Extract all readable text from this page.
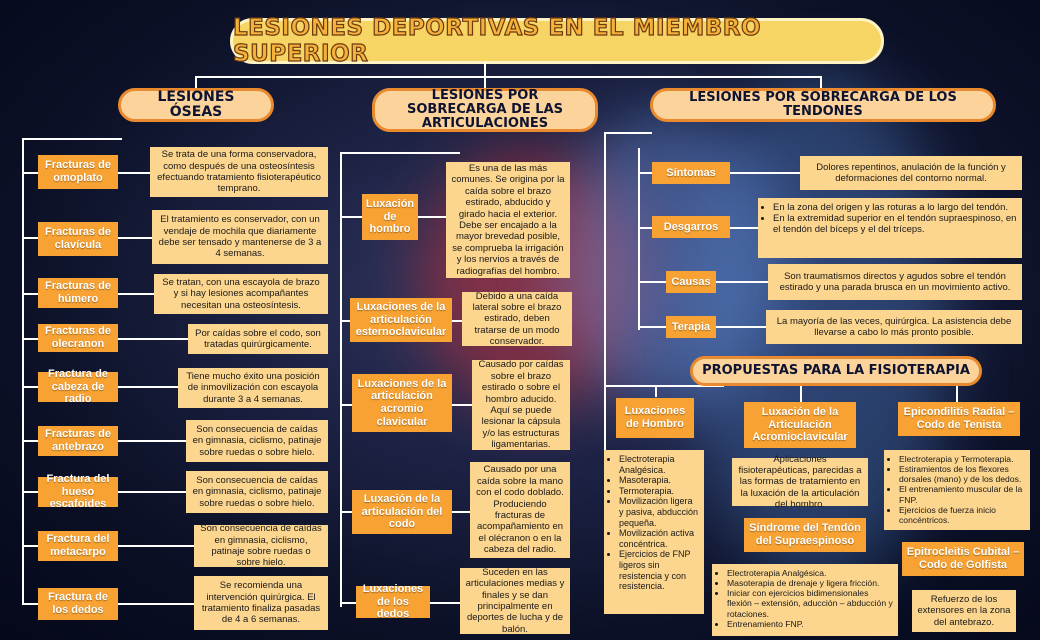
LESIONES DEPORTIVAS EN EL MIEMBRO SUPERIOR
LESIONES ÓSEAS
LESIONES POR SOBRECARGA DE LAS ARTICULACIONES
LESIONES POR SOBRECARGA DE LOS TENDONES
PROPUESTAS PARA LA FISIOTERAPIA
Fracturas de omoplato
Se trata de una forma conservadora, como después de una osteosíntesis efectuando tratamiento fisioterapéutico temprano.
Fracturas de clavícula
El tratamiento es conservador, con un vendaje de mochila que diariamente debe ser tensado y mantenerse de 3 a 4 semanas.
Fracturas de húmero
Se tratan, con una escayola de brazo y si hay lesiones acompañantes necesitan una osteosíntesis.
Fracturas de olecranon
Por caídas sobre el codo, son tratadas quirúrgicamente.
Fractura de cabeza de radio
Tiene mucho éxito una posición de inmovilización con escayola durante 3 a 4 semanas.
Fracturas de antebrazo
Son consecuencia de caídas en gimnasia, ciclismo, patinaje sobre ruedas o sobre hielo.
Fractura del hueso escafoides
Son consecuencia de caídas en gimnasia, ciclismo, patinaje sobre ruedas o sobre hielo.
Fractura del metacarpo
Son consecuencia de caídas en gimnasia, ciclismo, patinaje sobre ruedas o sobre hielo.
Fractura de los dedos
Se recomienda una intervención quirúrgica. El tratamiento finaliza pasadas de 4 a 6 semanas.
Luxación de hombro
Es una de las más comunes. Se origina por la caída sobre el brazo estirado, abducido y girado hacia el exterior. Debe ser encajado a la mayor brevedad posible, se comprueba la irrigación y los nervios a través de radiografías del hombro.
Luxaciones de la articulación esternoclavicular
Debido a una caída lateral sobre el brazo estirado, deben tratarse de un modo conservador.
Luxaciones de la articulación acromio clavicular
Causado por caídas sobre el brazo estirado o sobre el hombro aducido. Aquí se puede lesionar la cápsula y/o las estructuras ligamentarias.
Luxación de la articulación del codo
Causado por una caída sobre la mano con el codo doblado. Produciendo fracturas de acompañamiento en el olécranon o en la cabeza del radio.
Luxaciones de los dedos
Suceden en las articulaciones medias y finales y se dan principalmente en deportes de lucha y de balón.
Síntomas	Dolores repentinos, anulación de la función y deformaciones del contorno normal.
Desgarros
• En la zona del origen y las roturas a lo largo del tendón.
• En la extremidad superior en el tendón supraespinoso, en el tendón del bíceps y el del tríceps.
Causas	Son traumatismos directos y agudos sobre el tendón estirado y una parada brusca en un movimiento activo.
Terapia	La mayoría de las veces, quirúrgica. La asistencia debe llevarse a cabo lo más pronto posible.
Luxaciones de Hombro
• Electroterapia Analgésica.
• Masoterapia.
• Termoterapia.
• Movilización ligera y pasiva, abducción pequeña.
• Movilización activa concéntrica.
• Ejercicios de FNP ligeros sin resistencia y con resistencia.
Luxación de la Articulación Acromioclavicular
Aplicaciones fisioterapéuticas, parecidas a las formas de tratamiento en la luxación de la articulación del hombro.
Síndrome del Tendón del Supraespinoso
• Electroterapia Analgésica.
• Masoterapia de drenaje y ligera fricción.
• Iniciar con ejercicios bidimensionales flexión – extensión, aducción – abducción y rotaciones.
• Entrenamiento FNP.
Epicondilitis Radial – Codo de Tenista
• Electroterapia y Termoterapia.
• Estiramientos de los flexores dorsales (mano) y de los dedos.
• El entrenamiento muscular de la FNP.
• Ejercicios de fuerza inicio concéntricos.
Epitrocleitis Cubital – Codo de Golfista
Refuerzo de los extensores en la zona del antebrazo.
